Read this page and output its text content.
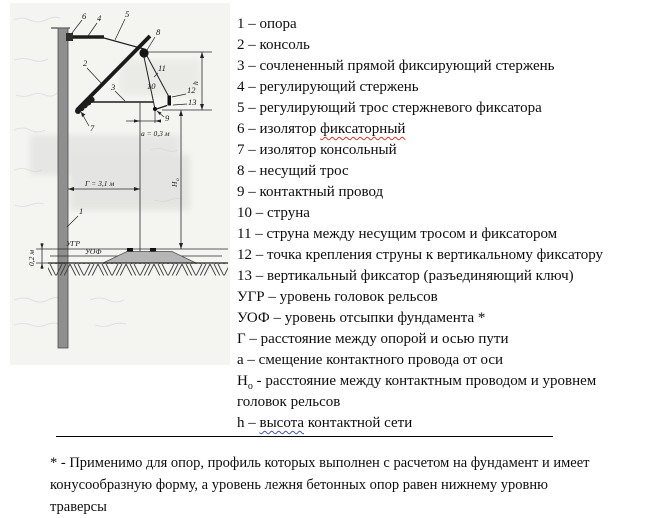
6 4	5
8
2	11
10
3	12
13
9
7
1
a = 0,3 м
Г = 3,1 м
УГР
УОФ
h
Н
о
0,2 м
1 – опора
2 – консоль
3 – сочлененный прямой фиксирующий стержень
4 – регулирующий стержень
5 – регулирующий трос стержневого фиксатора
6 – изолятор фиксаторный
7 – изолятор консольный
8 – несущий трос
9 – контактный провод
10 – струна
11 – струна между несущим тросом и фиксатором
12 – точка крепления струны к вертикальному фиксатору
13 – вертикальный фиксатор (разъединяющий ключ)
УГР – уровень головок рельсов
УОФ – уровень отсыпки фундамента *
Г – расстояние между опорой и осью пути
а – смещение контактного провода от оси
$Н_о$ - расстояние между контактным проводом и уровнем
головок рельсов
h – высота контактной сети
* - Применимо для опор, профиль которых выполнен с расчетом на фундамент и имеет конусообразную форму, а уровень лежня бетонных опор равен нижнему уровню траверсы
